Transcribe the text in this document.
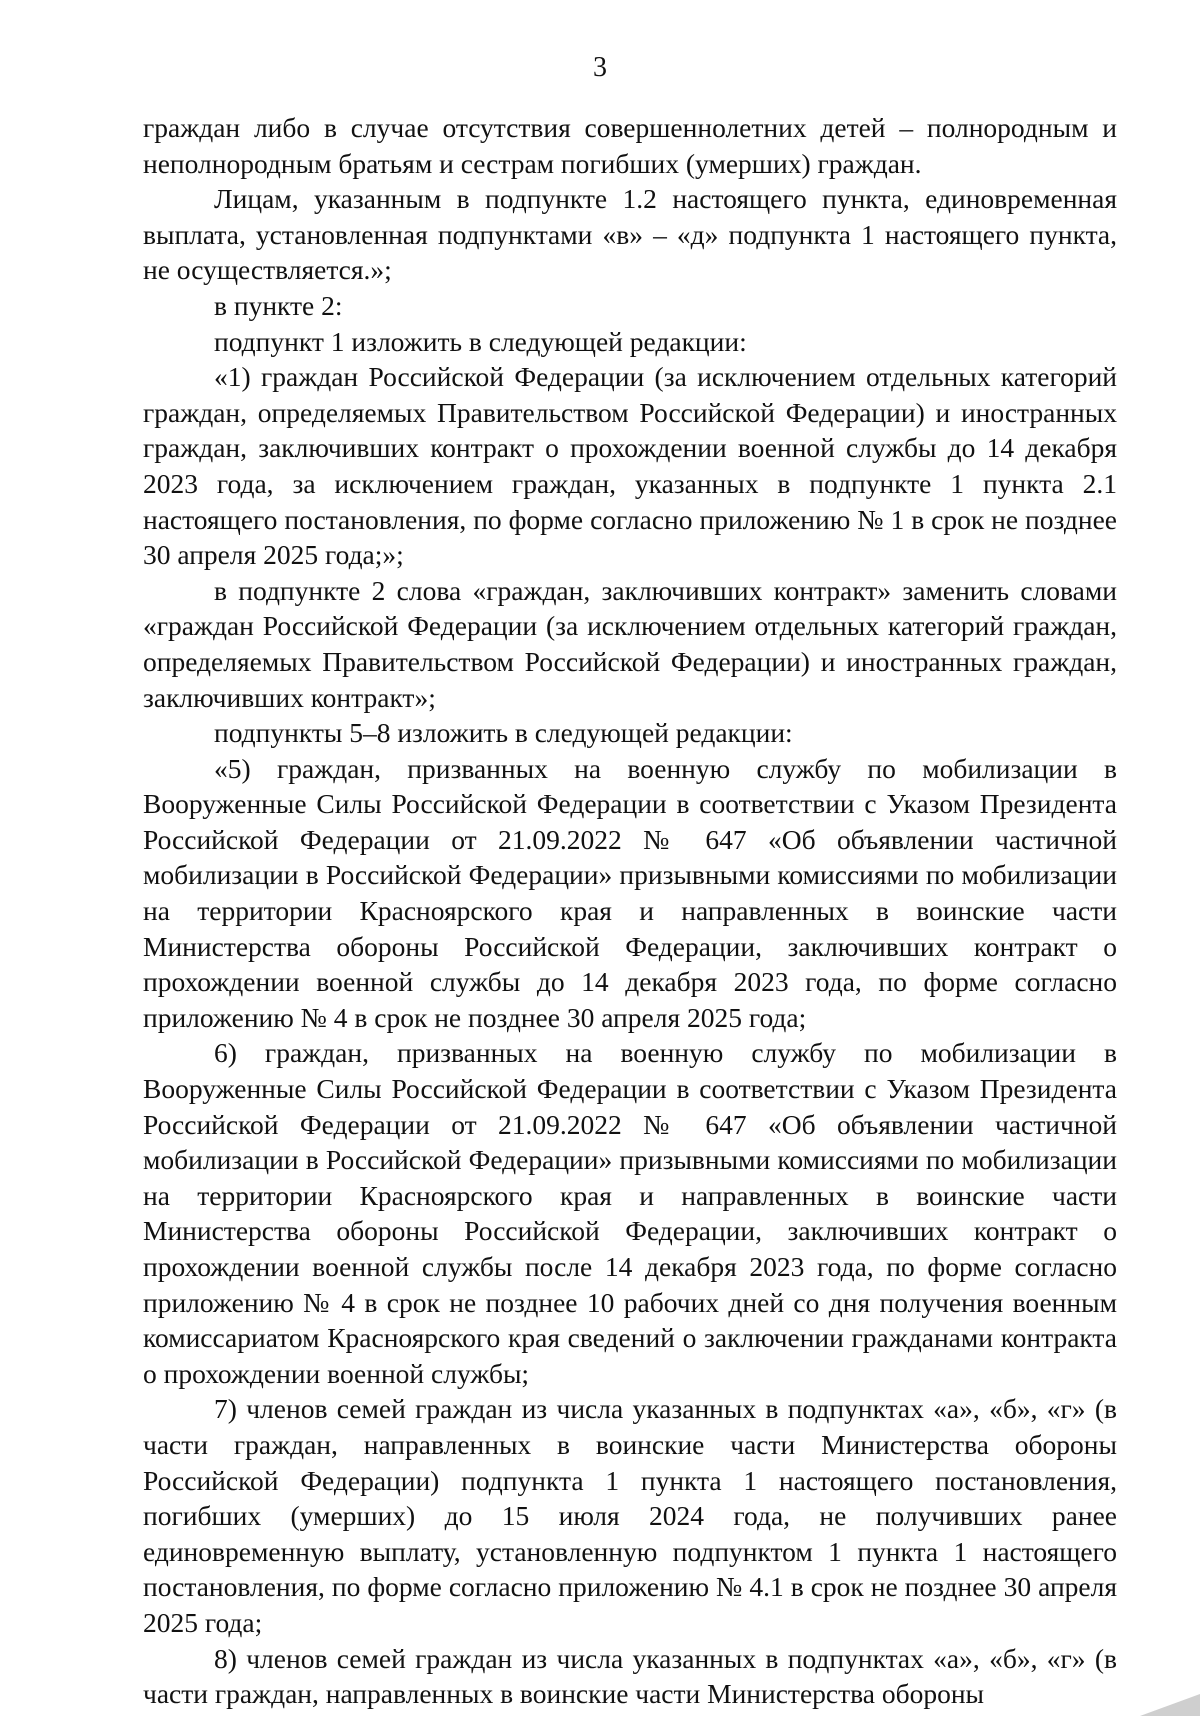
3

граждан либо в случае отсутствия совершеннолетних детей – полнородным и неполнородным братьям и сестрам погибших (умерших) граждан.

Лицам, указанным в подпункте 1.2 настоящего пункта, единовременная выплата, установленная подпунктами «в» – «д» подпункта 1 настоящего пункта, не осуществляется.»;

в пункте 2:

подпункт 1 изложить в следующей редакции:

«1) граждан Российской Федерации (за исключением отдельных категорий граждан, определяемых Правительством Российской Федерации) и иностранных граждан, заключивших контракт о прохождении военной службы до 14 декабря 2023 года, за исключением граждан, указанных в подпункте 1 пункта 2.1 настоящего постановления, по форме согласно приложению № 1 в срок не позднее 30 апреля 2025 года;»;

в подпункте 2 слова «граждан, заключивших контракт» заменить словами «граждан Российской Федерации (за исключением отдельных категорий граждан, определяемых Правительством Российской Федерации) и иностранных граждан, заключивших контракт»;

подпункты 5–8 изложить в следующей редакции:

«5) граждан, призванных на военную службу по мобилизации в Вооруженные Силы Российской Федерации в соответствии с Указом Президента Российской Федерации от 21.09.2022 № 647 «Об объявлении частичной мобилизации в Российской Федерации» призывными комиссиями по мобилизации на территории Красноярского края и направленных в воинские части Министерства обороны Российской Федерации, заключивших контракт о прохождении военной службы до 14 декабря 2023 года, по форме согласно приложению № 4 в срок не позднее 30 апреля 2025 года;

6) граждан, призванных на военную службу по мобилизации в Вооруженные Силы Российской Федерации в соответствии с Указом Президента Российской Федерации от 21.09.2022 № 647 «Об объявлении частичной мобилизации в Российской Федерации» призывными комиссиями по мобилизации на территории Красноярского края и направленных в воинские части Министерства обороны Российской Федерации, заключивших контракт о прохождении военной службы после 14 декабря 2023 года, по форме согласно приложению № 4 в срок не позднее 10 рабочих дней со дня получения военным комиссариатом Красноярского края сведений о заключении гражданами контракта о прохождении военной службы;

7) членов семей граждан из числа указанных в подпунктах «а», «б», «г» (в части граждан, направленных в воинские части Министерства обороны Российской Федерации) подпункта 1 пункта 1 настоящего постановления, погибших (умерших) до 15 июля 2024 года, не получивших ранее единовременную выплату, установленную подпунктом 1 пункта 1 настоящего постановления, по форме согласно приложению № 4.1 в срок не позднее 30 апреля 2025 года;

8) членов семей граждан из числа указанных в подпунктах «а», «б», «г» (в части граждан, направленных в воинские части Министерства обороны
